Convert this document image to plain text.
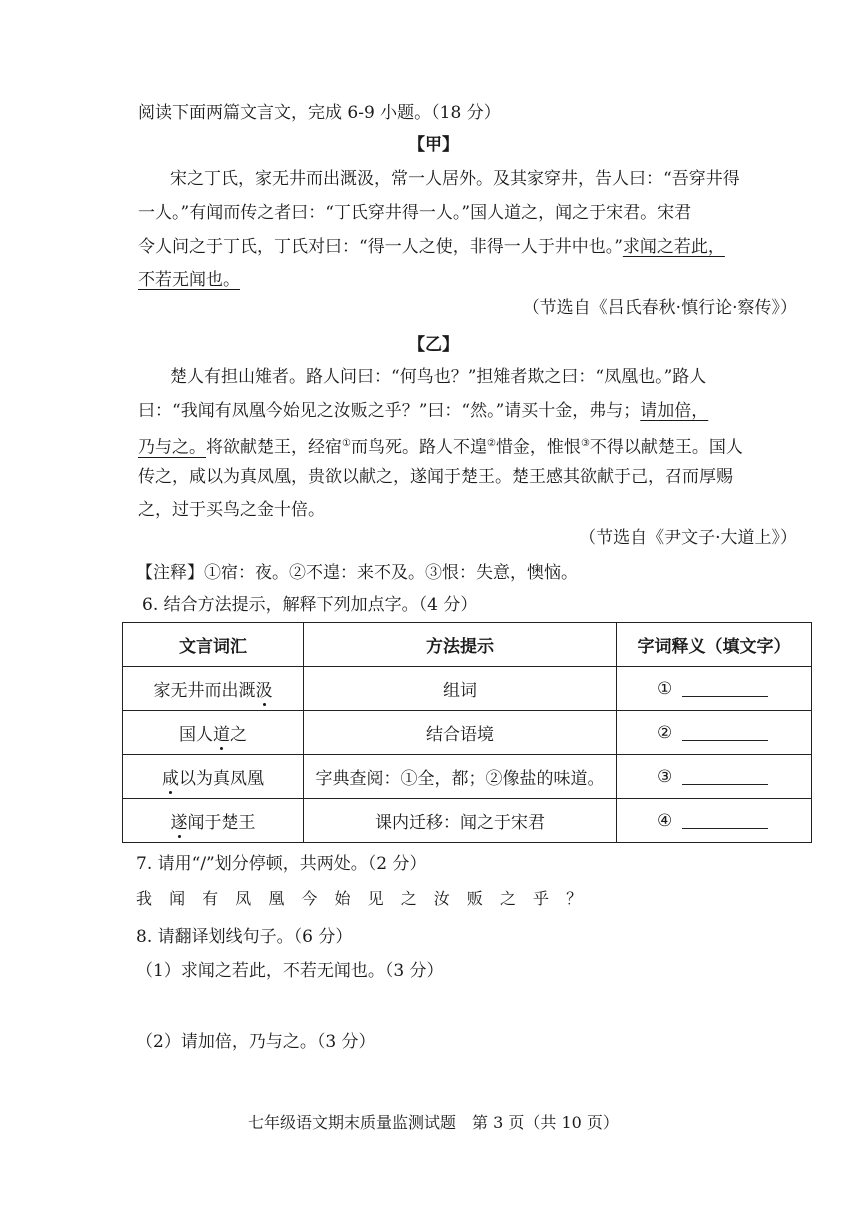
阅读下面两篇文言文，完成 6-9 小题。（18 分）
【甲】
宋之丁氏，家无井而出溉汲，常一人居外。及其家穿井，告人曰：“吾穿井得
一人。”有闻而传之者曰：“丁氏穿井得一人。”国人道之，闻之于宋君。宋君
令人问之于丁氏，丁氏对曰：“得一人之使，非得一人于井中也。”求闻之若此，
不若无闻也。
（节选自《吕氏春秋·慎行论·察传》）
【乙】
楚人有担山雉者。路人问曰：“何鸟也？”担雉者欺之曰：“凤凰也。”路人
曰：“我闻有凤凰今始见之汝贩之乎？”曰：“然。”请买十金，弗与；请加倍，
乃与之。将欲献楚王，经宿①而鸟死。路人不遑②惜金，惟恨③不得以献楚王。国人
传之，咸以为真凤凰，贵欲以献之，遂闻于楚王。楚王感其欲献于己，召而厚赐
之，过于买鸟之金十倍。
（节选自《尹文子·大道上》）
【注释】①宿：夜。②不遑：来不及。③恨：失意，懊恼。
6. 结合方法提示，解释下列加点字。（4 分）
文言词汇	方法提示	字词释义（填文字）
家无井而出溉汲	组词	①
国人道之	结合语境	②
咸以为真凤凰	字典查阅：①全，都；②像盐的味道。	③
遂闻于楚王	课内迁移：闻之于宋君	④
7. 请用“/”划分停顿，共两处。（2 分）
我 闻 有 凤 凰 今 始 见 之 汝 贩 之 乎 ？
8. 请翻译划线句子。（6 分）
（1）求闻之若此，不若无闻也。（3 分）
（2）请加倍，乃与之。（3 分）
七年级语文期末质量监测试题　第 3 页（共 10 页）
